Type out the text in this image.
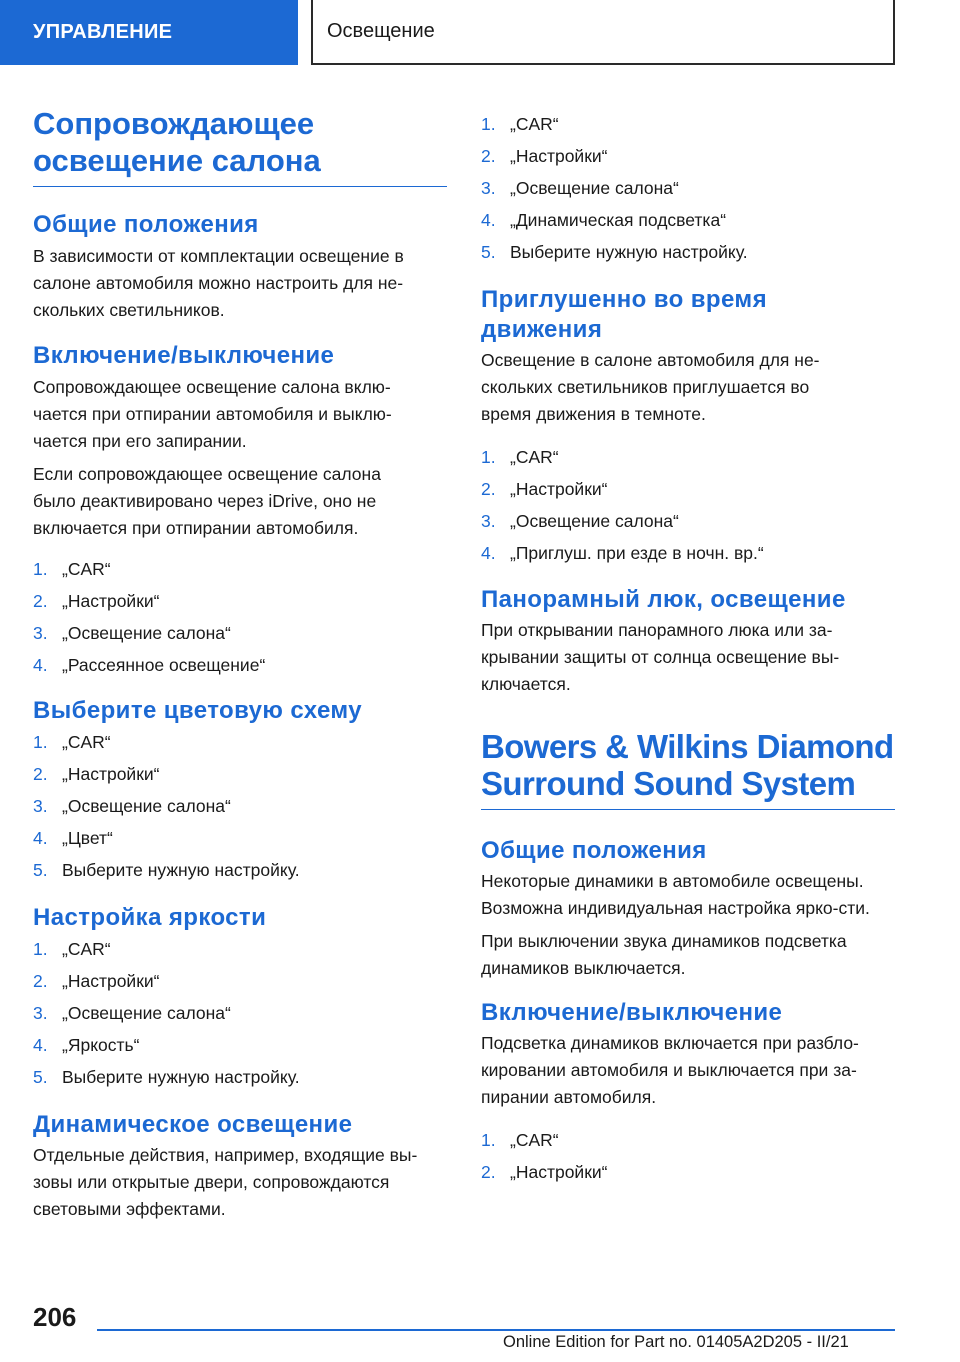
УПРАВЛЕНИЕ	Освещение
Сопровождающее освещение салона
Общие положения

В зависимости от комплектации освещение в салоне автомобиля можно настроить для не-скольких светильников.

Включение/выключение

Сопровождающее освещение салона вклю-чается при отпирании автомобиля и выклю-чается при его запирании.

Если сопровождающее освещение салона было деактивировано через iDrive, оно не включается при отпирании автомобиля.

1. „CAR“
2. „Настройки“
3. „Освещение салона“
4. „Рассеянное освещение“
Выберите цветовую схему
1. „CAR“
2. „Настройки“
3. „Освещение салона“
4. „Цвет“
5. Выберите нужную настройку.
Настройка яркости
1. „CAR“
2. „Настройки“
3. „Освещение салона“
4. „Яркость“
5. Выберите нужную настройку.
Динамическое освещение

Отдельные действия, например, входящие вы-зовы или открытые двери, сопровождаются световыми эффектами.

1. „CAR“
2. „Настройки“
3. „Освещение салона“
4. „Динамическая подсветка“
5. Выберите нужную настройку.
Приглушенно во время движения

Освещение в салоне автомобиля для не-скольких светильников приглушается во время движения в темноте.

1. „CAR“
2. „Настройки“
3. „Освещение салона“
4. „Приглуш. при езде в ночн. вр.“
Панорамный люк, освещение

При открывании панорамного люка или за-крывании защиты от солнца освещение вы-ключается.

Bowers & Wilkins Diamond Surround Sound System
Общие положения

Некоторые динамики в автомобиле освещены. Возможна индивидуальная настройка ярко-сти.

При выключении звука динамиков подсветка динамиков выключается.

Включение/выключение

Подсветка динамиков включается при разбло-кировании автомобиля и выключается при за-пирании автомобиля.

1. „CAR“
2. „Настройки“
206
Online Edition for Part no. 01405A2D205 - II/21
